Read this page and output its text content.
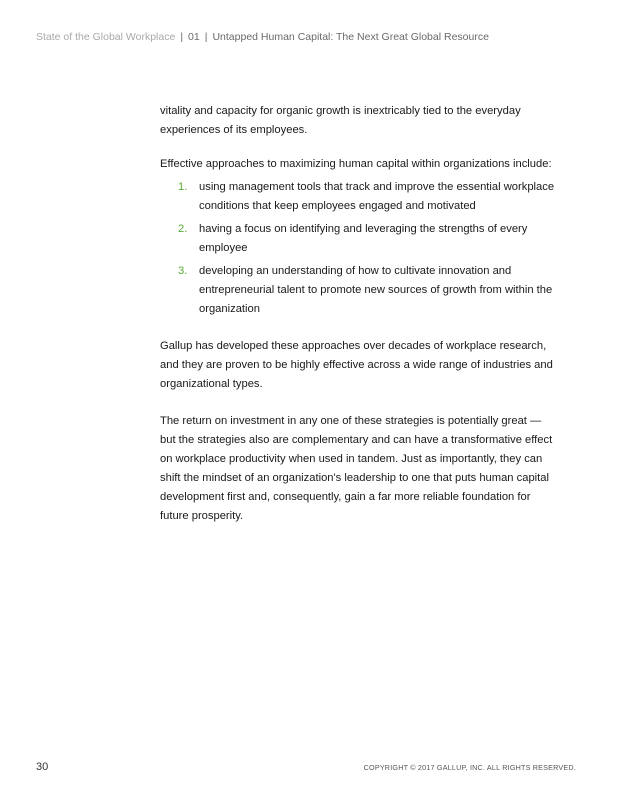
State of the Global Workplace | 01 | Untapped Human Capital: The Next Great Global Resource

vitality and capacity for organic growth is inextricably tied to the everyday experiences of its employees.

Effective approaches to maximizing human capital within organizations include:

1. using management tools that track and improve the essential workplace conditions that keep employees engaged and motivated
2. having a focus on identifying and leveraging the strengths of every employee
3. developing an understanding of how to cultivate innovation and entrepreneurial talent to promote new sources of growth from within the organization

Gallup has developed these approaches over decades of workplace research, and they are proven to be highly effective across a wide range of industries and organizational types.

The return on investment in any one of these strategies is potentially great — but the strategies also are complementary and can have a transformative effect on workplace productivity when used in tandem. Just as importantly, they can shift the mindset of an organization's leadership to one that puts human capital development first and, consequently, gain a far more reliable foundation for future prosperity.

30	COPYRIGHT © 2017 GALLUP, INC. ALL RIGHTS RESERVED.
